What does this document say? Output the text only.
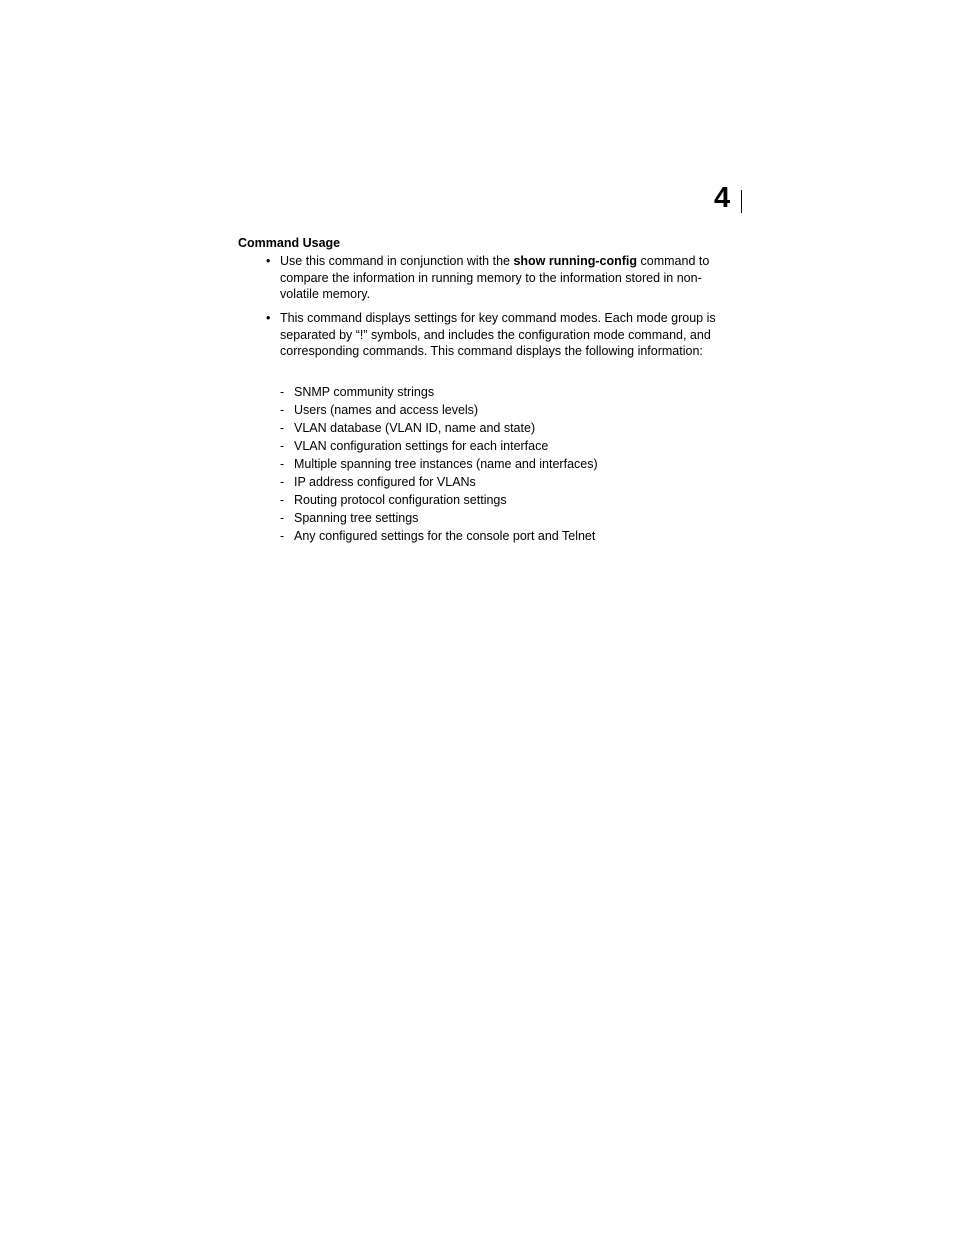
4
Command Usage
• Use this command in conjunction with the show running-config command to compare the information in running memory to the information stored in non-volatile memory.
• This command displays settings for key command modes. Each mode group is separated by “!” symbols, and includes the configuration mode command, and corresponding commands. This command displays the following information:
- SNMP community strings
- Users (names and access levels)
- VLAN database (VLAN ID, name and state)
- VLAN configuration settings for each interface
- Multiple spanning tree instances (name and interfaces)
- IP address configured for VLANs
- Routing protocol configuration settings
- Spanning tree settings
- Any configured settings for the console port and Telnet
